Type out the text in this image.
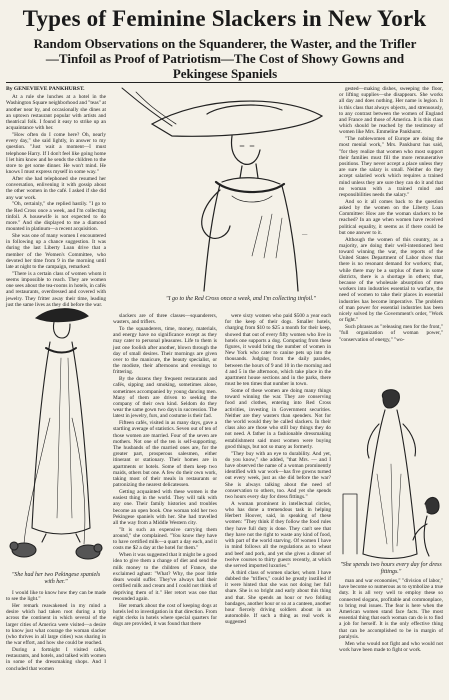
Types of Feminine Slackers in New York
Random Observations on the Squanderer, the Waster, and the Trifler—Tinfoil as Proof of Patriotism—The Cost of Showy Gowns and Pekingese Spaniels
By GENEVIEVE PANKHURST.

At a rule she lunches at a hotel in the Washington Square neighborhood and "teas" at another near by, and occasionally she dines at an uptown restaurant popular with artists and theatrical folk. I found it easy to strike up an acquaintance with her.

"How often do I come here? Oh, nearly every day," she said lightly, in answer to my question. "Just wait a moment—I must telephone Harry. If I don't feel like going home I let him know and he sends the children to the store to get some dinner. He won't mind. He knows I must express myself in some way."

After she had telephoned she resumed her conversation, enlivening it with gossip about the other women in the café. I asked if she did any war work.

"Oh, certainly," she replied hastily. "I go to the Red Cross once a week, and I'm collecting tinfoil. A housewife is not expected to do more." And she displayed to me a diamond mounted in platinum—a recent acquisition.

She was one of many women I encountered in following up a chance suggestion. It was during the last Liberty Loan drive that a member of the Women's Committee, who devoted her time from 9 in the morning until late at night to the campaign, remarked:

"There is a certain class of women whom it seems impossible to reach. They are women one sees about the tea-rooms in hotels, in cafés and restaurants, overdressed and covered with jewelry. They fritter away their time, leading just the same lives as they did before the war.

I would like to know how they can be made to see the light."

Her remark reawakened in my mind a desire which had taken root during a trip across the continent in which several of the larger cities of America were visited—a desire to know just what courage the woman slacker (who thrives in all large cities) was sharing in the war effort, and how she could be reached.

During a fortnight I visited cafés, restaurants, and hotels, and talked with women in some of the dressmaking shops. And I concluded that women

slackers are of three classes—squanderers, wasters, and triflers.

To the squanderers, time, money, materials, and energy have no significance except as they may cater to personal pleasures. Life to them is just one foolish after another, blown through the day of small desires. Their mornings are given over to the manicure, the beauty specialist, or the modiste, their afternoons and evenings to frittering.

By the dozens they frequent restaurants and cafés, sipping and smoking, sometimes alone, sometimes accompanied by young dancing men. Many of them are driven to seeking the company of their own kind. Seldom do they wear the same gown two days in succession. The latest in jewelry, furs, and costume is their fad.

Fifteen cafés, visited in as many days, gave a startling average of statistics. Seven out of ten of those women are married. Four of the seven are mothers. Not one of the ten is self-supporting. The husbands of the married ones are, for the greater part, prosperous salesmen, either itinerant or stationary. Their homes are in apartments or hotels. Some of them keep two maids, others but one. A few do their own work, taking most of their meals in restaurants or patronizing the nearest delicatessen.

Getting acquainted with these women is the easiest thing in the world. They will talk with any one. Their family histories and troubles become an open book. One woman told her two Pekingese spaniels with her. She had travelled all the way from a Middle Western city.

"It is such an expensive carrying them around," she complained. "You know they have to have certified milk—a quart a day each, and it costs me $2 a day at the hotel for them."

When it was suggested that it might be a good idea to give them a change of diet and send the milk money to the children of France, she exclaimed aghast: "What? Why, the poor little dears would suffer. They've always had their certified milk and cream and I could not think of depriving them of it." Her retort was one that resounded again.

Her remark about the cost of keeping dogs at hotels led to investigation in that direction. From eight clerks in hotels where special quarters for dogs are provided, it was found that there

were sixty women who paid $500 a year each for the keep of their dogs. Smaller hotels, charging from $10 to $25 a month for their keep, showed that out of every fifty women who live in hotels one supports a dog. Computing from these figures, it would bring the number of women in New York who cater to canine pets up into the thousands. Judging from the daily parades, between the hours of 9 and 10 in the morning and 4 and 5 in the afternoon, which take place in the apartment house sections and in the parks, there must be ten times that number in town.

Some of these women are doing many things toward winning the war. They are conserving food and clothes, entering into Red Cross activities, investing in Government securities. Neither are they wasters than spenders. Not for the world would they be called slackers. In their class also are those who still buy things they do not need. A father in a fashionable dressmaking establishment said most women were buying good things, but not so many as formerly.

"They buy with an eye to durability. And yet, do you know," she added, "that Mrs. — and I have observed the name of a woman prominently identified with war work—has five gowns turned out every week, just as she did before the war? She is always talking about the need of conservation to others, too. And yet she spends two hours every day for dress fittings."

A woman prominent in intellectual circles, who has done a tremendous task in helping Herbert Hoover, said, in speaking of these women: "They think if they follow the food rules they have full duty is done. They can't see that they have not the right to waste any kind of food, with part of the world starving. Of women I have in mind follows all the regulations as to wheat and beef and pork, and yet she gives a dinner of twelve courses to thirty guests recently, at which she served imported luxuries."

A third class of women slacker, whom I have dubbed the "triflers," could be greatly instilled if it were hinted that she was not doing her full share. She is so bright and early about this thing and that. She spends an hour or two folding bandages, another hour or so at a canteen, another hour fiercely driving soldiers about in an automobile. If such a thing as real work is suggested

gested—making dishes, sweeping the floor, or lifting supplies—she disappears. She works all day and does nothing. Her name is legion. It is this class that always objects, and strenuously, to any contrast between the women of England and France and those of America. It is this class which should be reached by the testimony of women like Mrs. Emmeline Pankhurst.

"The noblewomen of Europe are doing the most menial work," Mrs. Pankhurst has said, "for they realize that women who most support their families must fill the more remunerative positions. They never accept a place unless they are sure the salary is small. Neither do they accept salaried work which requires a trained mind unless they are sure they can do it and that no woman with a trained mind and responsibilities needs the salary."

And so it all comes back to the question asked by the women on the Liberty Loan Committee: How are the woman slackers to be reached? In an age when women have received political equality, it seems as if there could be but one answer to it.

Although the women of this country, as a majority, are doing their well-intentioned best toward winning the war, the reports of the United States Department of Labor show that there is no resonant demand for workers; that, while there may be a surplus of them in some districts, there is a shortage in others; that, because of the wholesale absorption of men workers into industries essential to warfare, the need of women to take their places in essential industries has become imperative. The problem of man power for essential industries has been nicely solved by the Government's order, "Work or fight."

Such phrases as "releasing men for the front," "full organization of woman power," "conservation of energy," "wo-

man and war economies," "division of labor," have become so numerous as to symbolize a true duty. It is all very well to employ these so connected slogans, profitable and commonplace, to bring real issues. The fear is here when the American women stand face facts. The most essential thing that each woman can do is to find a job for herself. It is the only effective thing that can be accomplished to be in margin of paralysis.

Men who would not fight and who would not work have been made to fight or work.

—
"I go to the Red Cross once a week, and I'm collecting tinfoil."
"She had her two Pekingese spaniels with her."
"She spends two hours every day for dress fittings."
